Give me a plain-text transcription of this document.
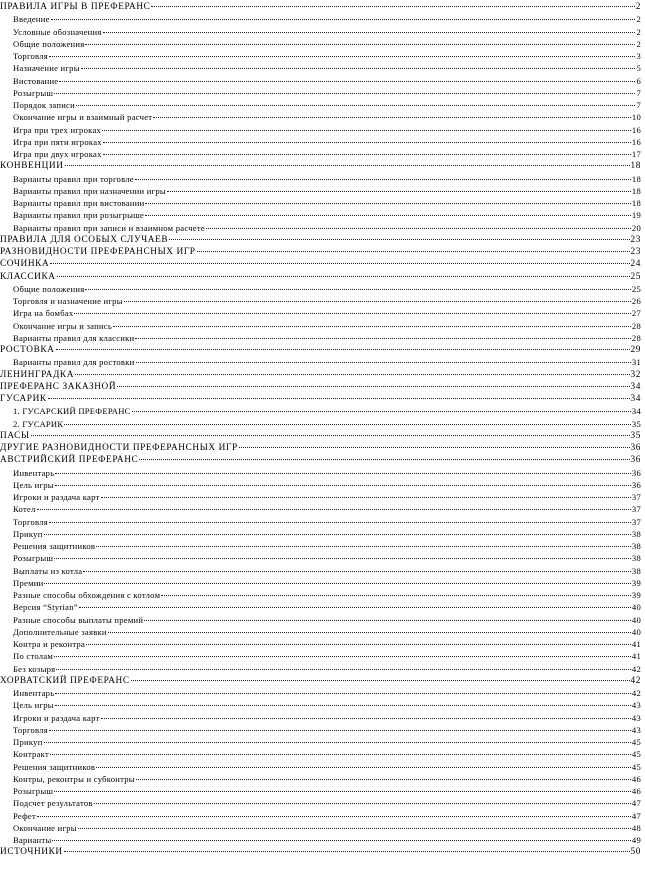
ПРАВИЛА ИГРЫ В ПРЕФЕРАНС	2
Введение	2
Условные обозначения	2
Общие положения	2
Торговля	3
Назначение игры	5
Вистование	6
Розыгрыш	7
Порядок записи	7
Окончание игры и взаимный расчет	10
Игра при трех игроках	16
Игра при пяти игроках	16
Игра при двух игроках	17
КОНВЕНЦИИ	18
Варианты правил при торговле	18
Варианты правил при назначении игры	18
Варианты правил при вистовании	18
Варианты правил при розыгрыше	19
Варианты правил при записи и взаимном расчете	20
ПРАВИЛА ДЛЯ ОСОБЫХ СЛУЧАЕВ	23
РАЗНОВИДНОСТИ ПРЕФЕРАНСНЫХ ИГР	23
СОЧИНКА	24
КЛАССИКА	25
Общие положения	25
Торговля и назначение игры	26
Игра на бомбах	27
Окончание игры и запись	28
Варианты правил для классики	28
РОСТОВКА	29
Варианты правил для ростовки	31
ЛЕНИНГРАДКА	32
ПРЕФЕРАНС ЗАКАЗНОЙ	34
ГУСАРИК	34
1. ГУСАРСКИЙ ПРЕФЕРАНС	34
2. ГУСАРИК	35
ПАСЫ	35
ДРУГИЕ РАЗНОВИДНОСТИ ПРЕФЕРАНСНЫХ ИГР	36
АВСТРИЙСКИЙ ПРЕФЕРАНС	36
Инвентарь	36
Цель игры	36
Игроки и раздача карт	37
Котел	37
Торговля	37
Прикуп	38
Решения защитников	38
Розыгрыш	38
Выплаты из котла	38
Премии	39
Разные способы обхождения с котлом	39
Версия “Styrian”	40
Разные способы выплаты премий	40
Дополнительные заявки	40
Контра и реконтра	41
По столам	41
Без козыря	42
ХОРВАТСКИЙ ПРЕФЕРАНС	42
Инвентарь	42
Цель игры	43
Игроки и раздача карт	43
Торговля	43
Прикуп	45
Контракт	45
Решения защитников	45
Контры, реконтры и субконтры	46
Розыгрыш	46
Подсчет результатов	47
Рефет	47
Окончание игры	48
Варианты	49
ИСТОЧНИКИ	50
